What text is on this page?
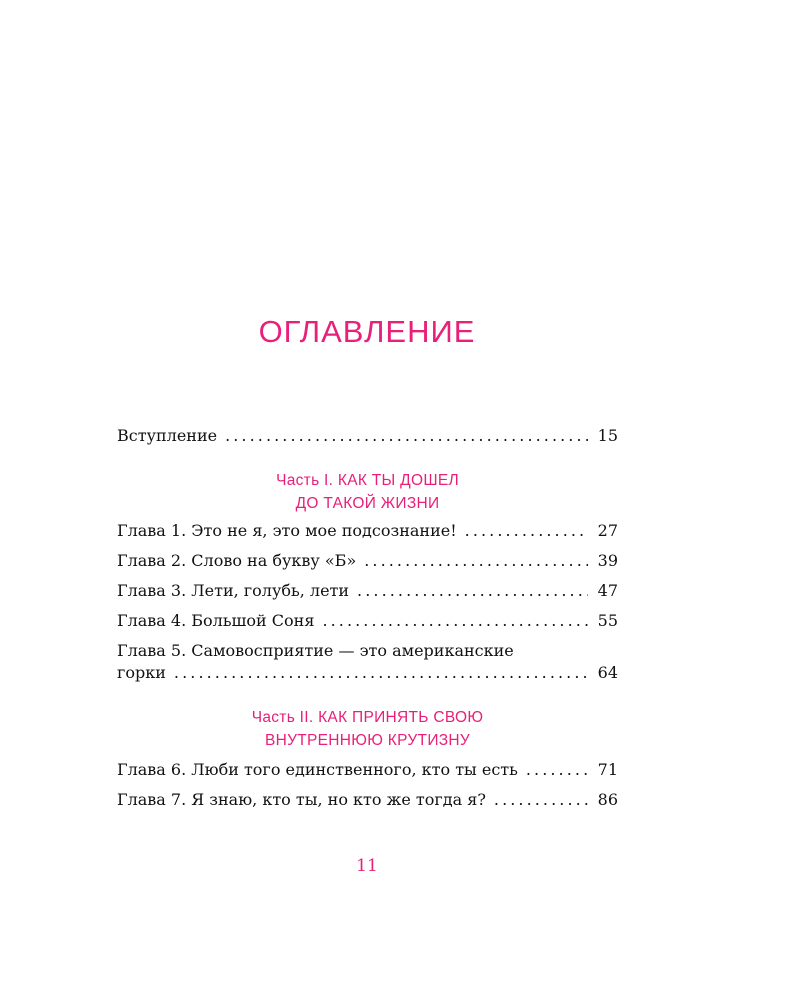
ОГЛАВЛЕНИЕ
Вступление . . .	15
Глава 1. Это не я, это мое подсознание! . . .	27
Глава 2. Слово на букву «Б» . . .	39
Глава 3. Лети, голубь, лети . . .	47
Глава 4. Большой Соня . . .	55
Глава 5. Самовосприятие — это американские
горки . . .	64
Глава 6. Люби того единственного, кто ты есть . . .	71
Глава 7. Я знаю, кто ты, но кто же тогда я? . . .	86
Часть I. КАК ТЫ ДОШЕЛ
ДО ТАКОЙ ЖИЗНИ
Часть II. КАК ПРИНЯТЬ СВОЮ
ВНУТРЕННЮЮ КРУТИЗНУ
11
